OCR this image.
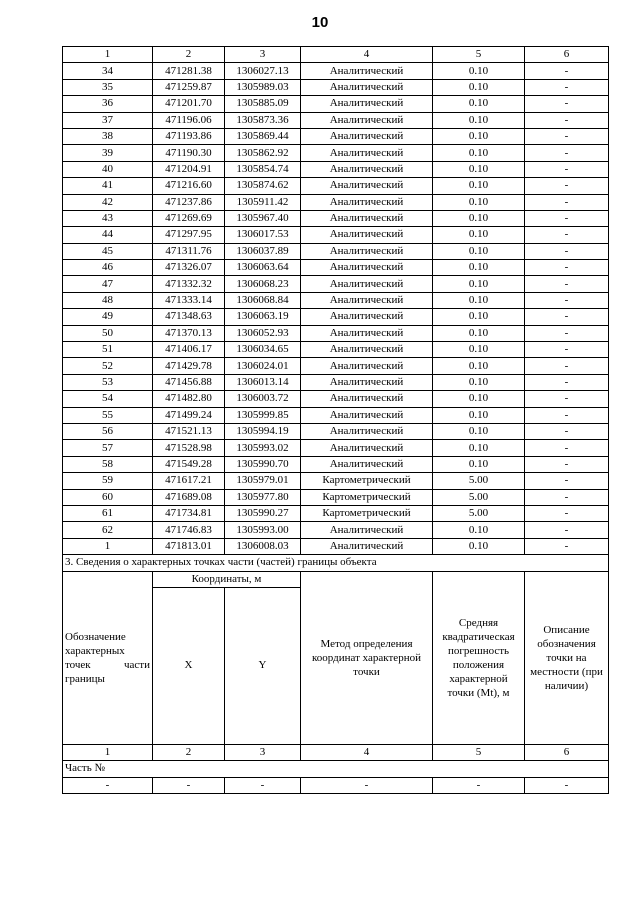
10
1	2	3	4	5	6
34	471281.38	1306027.13	Аналитический	0.10	-
35	471259.87	1305989.03	Аналитический	0.10	-
36	471201.70	1305885.09	Аналитический	0.10	-
37	471196.06	1305873.36	Аналитический	0.10	-
38	471193.86	1305869.44	Аналитический	0.10	-
39	471190.30	1305862.92	Аналитический	0.10	-
40	471204.91	1305854.74	Аналитический	0.10	-
41	471216.60	1305874.62	Аналитический	0.10	-
42	471237.86	1305911.42	Аналитический	0.10	-
43	471269.69	1305967.40	Аналитический	0.10	-
44	471297.95	1306017.53	Аналитический	0.10	-
45	471311.76	1306037.89	Аналитический	0.10	-
46	471326.07	1306063.64	Аналитический	0.10	-
47	471332.32	1306068.23	Аналитический	0.10	-
48	471333.14	1306068.84	Аналитический	0.10	-
49	471348.63	1306063.19	Аналитический	0.10	-
50	471370.13	1306052.93	Аналитический	0.10	-
51	471406.17	1306034.65	Аналитический	0.10	-
52	471429.78	1306024.01	Аналитический	0.10	-
53	471456.88	1306013.14	Аналитический	0.10	-
54	471482.80	1306003.72	Аналитический	0.10	-
55	471499.24	1305999.85	Аналитический	0.10	-
56	471521.13	1305994.19	Аналитический	0.10	-
57	471528.98	1305993.02	Аналитический	0.10	-
58	471549.28	1305990.70	Аналитический	0.10	-
59	471617.21	1305979.01	Картометрический	5.00	-
60	471689.08	1305977.80	Картометрический	5.00	-
61	471734.81	1305990.27	Картометрический	5.00	-
62	471746.83	1305993.00	Аналитический	0.10	-
1	471813.01	1306008.03	Аналитический	0.10	-
3. Сведения о характерных точках части (частей) границы объекта					
Обозначение характерных точек части границы	Координаты, м		Метод определения координат характерной точки	Средняя квадратическая погрешность положения характерной точки (Mt), м	Описание обозначения точки на местности (при наличии)
	X	Y			
1	2	3	4	5	6
Часть №					
-	-	-	-	-	-
